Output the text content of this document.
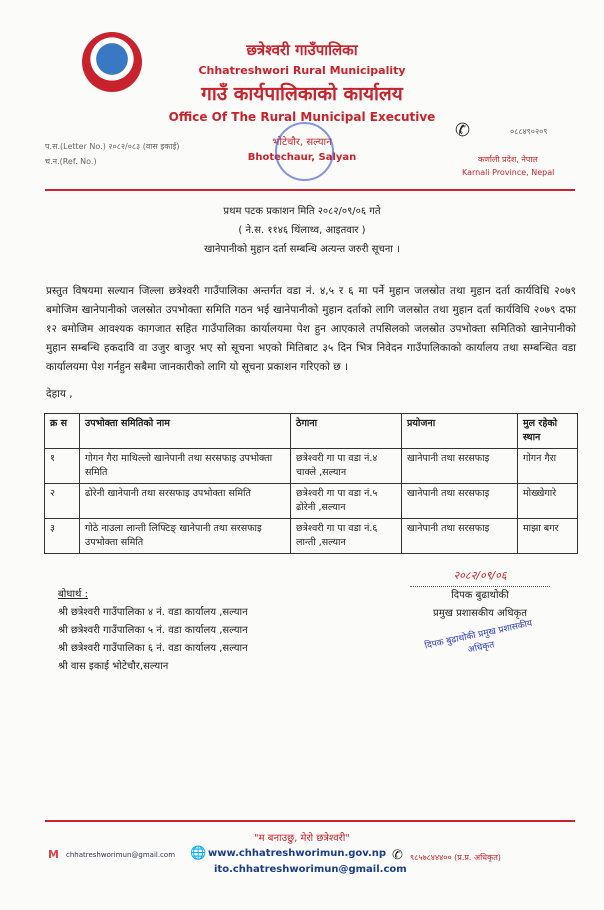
छत्रेश्वरी गाउँपालिका
Chhatreshwori Rural Municipality
गाउँ कार्यपालिकाको कार्यालय
Office Of The Rural Municipal Executive
भोटेचौर, सल्यान
Bhotechaur, Salyan
प.स.(Letter No.) २०८२/०८३ (वास इकाई)
च.न.(Ref. No.)
✆	०८८४९०२०९
कर्णाली प्रदेश, नेपाल
Karnali Province, Nepal
प्रथम पटक प्रकाशन मिति २०८२/०९/०६ गते
( ने.स. ११४६ थिंलाथ्व, आइतवार )
खानेपानीको मुहान दर्ता सम्बन्धि अत्यन्त जरुरी सूचना ।
प्रस्तुत विषयमा सल्यान जिल्ला छत्रेश्वरी गाउँपालिका अन्तर्गत वडा नं. ४,५ र ६ मा पर्ने मुहान जलस्रोत तथा मुहान दर्ता कार्यविधि २०७९ बमोजिम खानेपानीको जलस्रोत उपभोक्ता समिति गठन भई खानेपानीको मुहान दर्ताको लागि जलस्रोत तथा मुहान दर्ता कार्यविधि २०७९ दफा १२ बमोजिम आवश्यक कागजात सहित गाउँपालिका कार्यालयमा पेश हुन आएकाले तपसिलको जलस्रोत उपभोक्ता समितिको खानेपानीको मुहान सम्बन्धि हकदावि वा उजुर बाजुर भए सो सूचना भएको मितिबाट ३५ दिन भित्र निवेदन गाउँपालिकाको कार्यालय तथा सम्बन्धित वडा कार्यालयमा पेश गर्नहुन सबैमा जानकारीको लागि यो सूचना प्रकाशन गरिएको छ ।
देहाय ,
क्र स	उपभोक्ता समितिको नाम	ठेगाना	प्रयोजना	मुल रहेको स्थान
१	गोगन गैरा माथिल्लो खानेपानी तथा सरसफाइ उपभोक्ता समिति	छत्रेश्वरी गा पा वडा नं.४ चाक्ले ,सल्यान	खानेपानी तथा सरसफाइ	गोगन गैरा
२	ढोरेनी खानेपानी तथा सरसफाइ उपभोक्ता समिति	छत्रेश्वरी गा पा वडा नं.५ ढोरेनी ,सल्यान	खानेपानी तथा सरसफाइ	मोख्खेगारे
३	गोठे नाउला लान्ती लिफ्टिङ् खानेपानी तथा सरसफाइ उपभोक्ता समिति	छत्रेश्वरी गा पा वडा नं.६ लान्ती ,सल्यान	खानेपानी तथा सरसफाइ	माझा बगर
बोधार्थ :
श्री छत्रेश्वरी गाउँपालिका ४ नं. वडा कार्यालय ,सल्यान
श्री छत्रेश्वरी गाउँपालिका ५ नं. वडा कार्यालय ,सल्यान
श्री छत्रेश्वरी गाउँपालिका ६ नं. वडा कार्यालय ,सल्यान
श्री वास इकाई भोटेचौर,सल्यान
२०८२/०९/०६
दिपक बुढाथोकी
प्रमुख प्रशासकीय अधिकृत
दिपक बुढाथोकी प्रमुख प्रशासकीय अधिकृत
"म बनाउछु, मेरो छत्रेश्वरी"
M chhatreshworimun@gmail.com 🌐 www.chhatreshworimun.gov.np
ito.chhatreshworimun@gmail.com
✆ ९८५७८४४४०० (प्र.प्र. अधिकृत)
